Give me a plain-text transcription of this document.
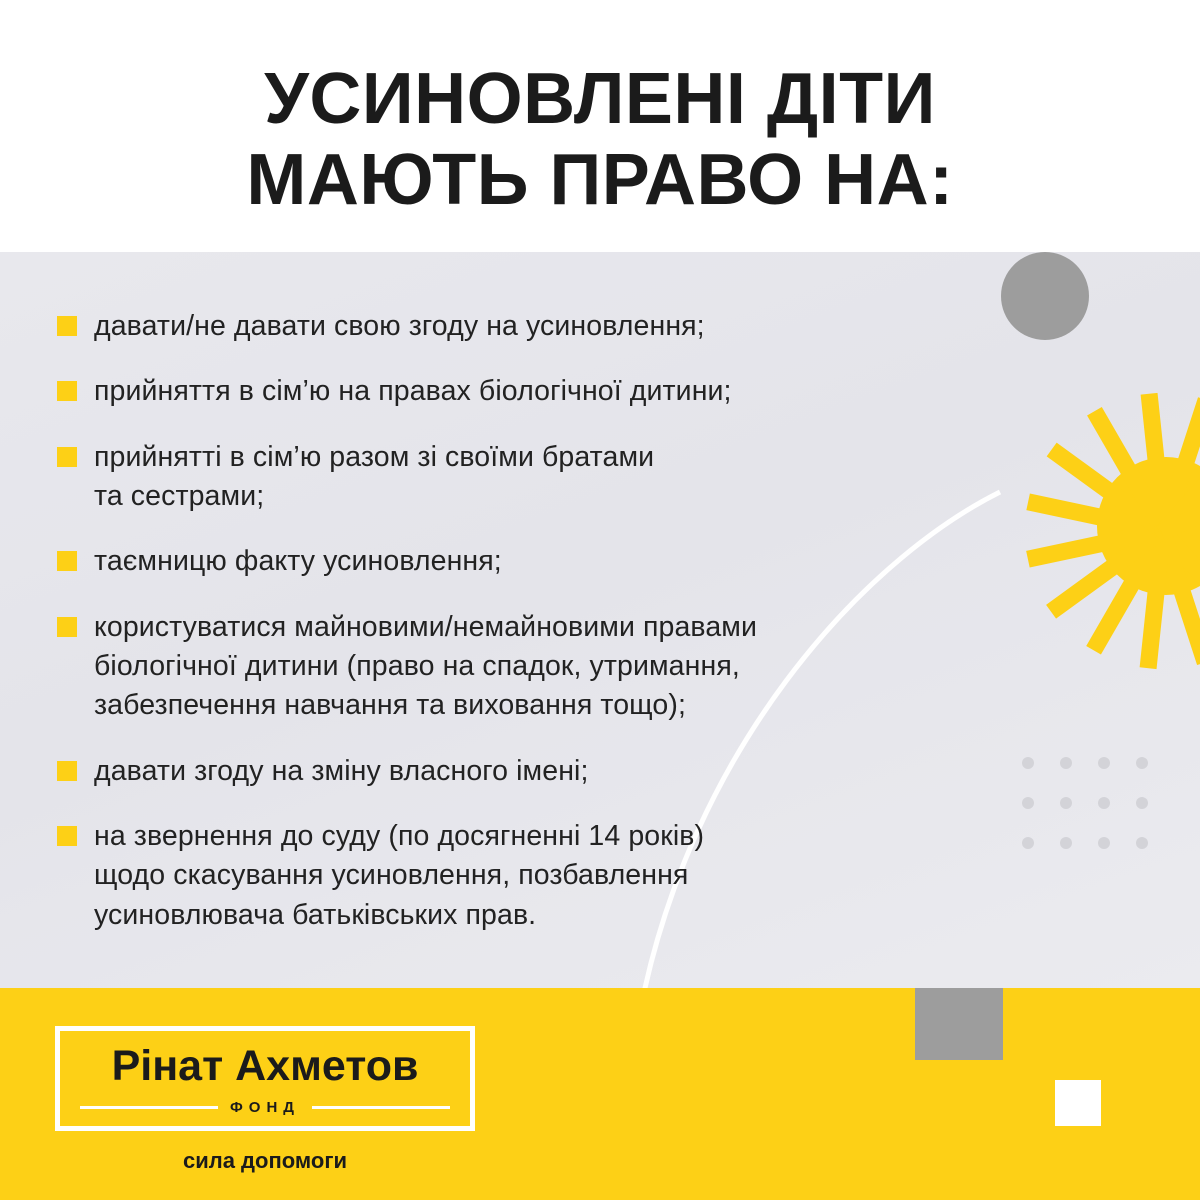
УСИНОВЛЕНІ ДІТИ
МАЮТЬ ПРАВО НА:
давати/не давати свою згоду на усиновлення;
прийняття в сім’ю на правах біологічної дитини;
прийнятті в сім’ю разом зі своїми братами
та сестрами;
таємницю факту усиновлення;
користуватися майновими/немайновими правами
біологічної дитини (право на спадок, утримання,
забезпечення навчання та виховання тощо);
давати згоду на зміну власного імені;
на звернення до суду (по досягненні 14 років)
щодо скасування усиновлення, позбавлення
усиновлювача батьківських прав.
Рінат Ахметов
ФОНД
сила допомоги
